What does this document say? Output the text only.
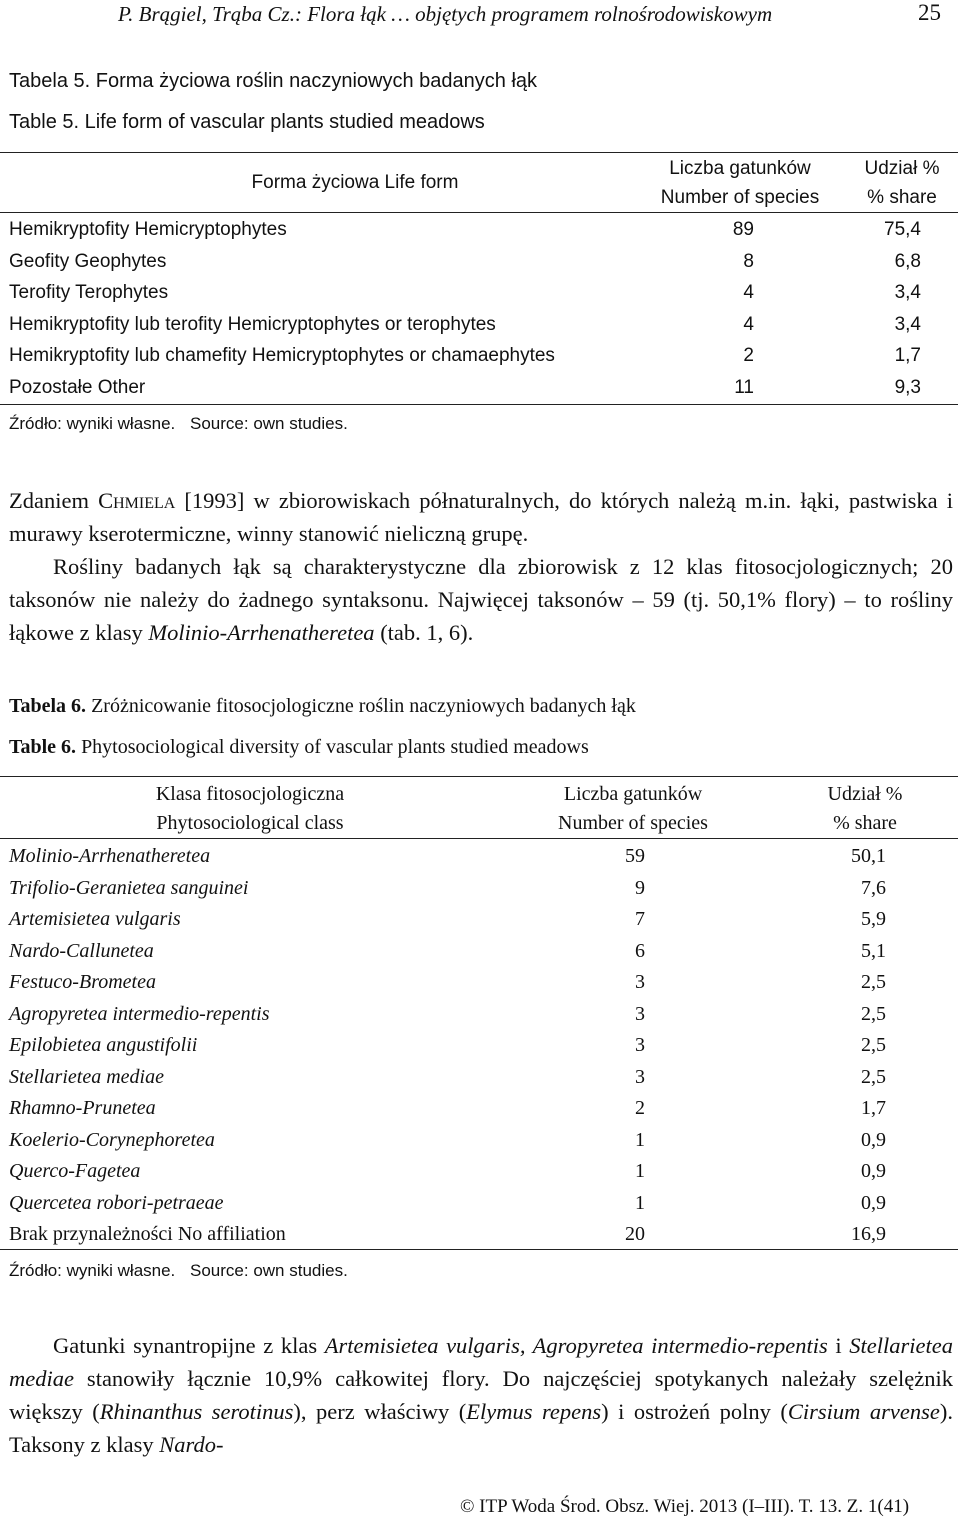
P. Brągiel, Trąba Cz.: Flora łąk … objętych programem rolnośrodowiskowym	25
Tabela 5. Forma życiowa roślin naczyniowych badanych łąk
Table 5. Life form of vascular plants studied meadows
Forma życiowa Life form
Liczba gatunków
Number of species
Udział %
% share
Hemikryptofity Hemicryptophytes	89	75,4
Geofity Geophytes	8	6,8
Terofity Terophytes	4	3,4
Hemikryptofity lub terofity Hemicryptophytes or terophytes	4	3,4
Hemikryptofity lub chamefity Hemicryptophytes or chamaephytes	2	1,7
Pozostałe Other	11	9,3
Źródło: wyniki własne. Source: own studies.

Zdaniem Chmiela [1993] w zbiorowiskach półnaturalnych, do których należą m.in. łąki, pastwiska i murawy kserotermiczne, winny stanowić nieliczną grupę.

Rośliny badanych łąk są charakterystyczne dla zbiorowisk z 12 klas fitosocjologicznych; 20 taksonów nie należy do żadnego syntaksonu. Najwięcej taksonów – 59 (tj. 50,1% flory) – to rośliny łąkowe z klasy Molinio-Arrhenatheretea (tab. 1, 6).

Tabela 6. Zróżnicowanie fitosocjologiczne roślin naczyniowych badanych łąk
Table 6. Phytosociological diversity of vascular plants studied meadows
Klasa fitosocjologiczna
Phytosociological class
Liczba gatunków
Number of species
Udział %
% share
Molinio-Arrhenatheretea	59	50,1
Trifolio-Geranietea sanguinei	9	7,6
Artemisietea vulgaris	7	5,9
Nardo-Callunetea	6	5,1
Festuco-Brometea	3	2,5
Agropyretea intermedio-repentis	3	2,5
Epilobietea angustifolii	3	2,5
Stellarietea mediae	3	2,5
Rhamno-Prunetea	2	1,7
Koelerio-Corynephoretea	1	0,9
Querco-Fagetea	1	0,9
Quercetea robori-petraeae	1	0,9
Brak przynależności No affiliation	20	16,9
Źródło: wyniki własne. Source: own studies.

Gatunki synantropijne z klas Artemisietea vulgaris, Agropyretea intermedio-repentis i Stellarietea mediae stanowiły łącznie 10,9% całkowitej flory. Do najczęściej spotykanych należały szelężnik większy (Rhinanthus serotinus), perz właściwy (Elymus repens) i ostrożeń polny (Cirsium arvense). Taksony z klasy Nardo-

© ITP Woda Środ. Obsz. Wiej. 2013 (I–III). T. 13. Z. 1(41)
